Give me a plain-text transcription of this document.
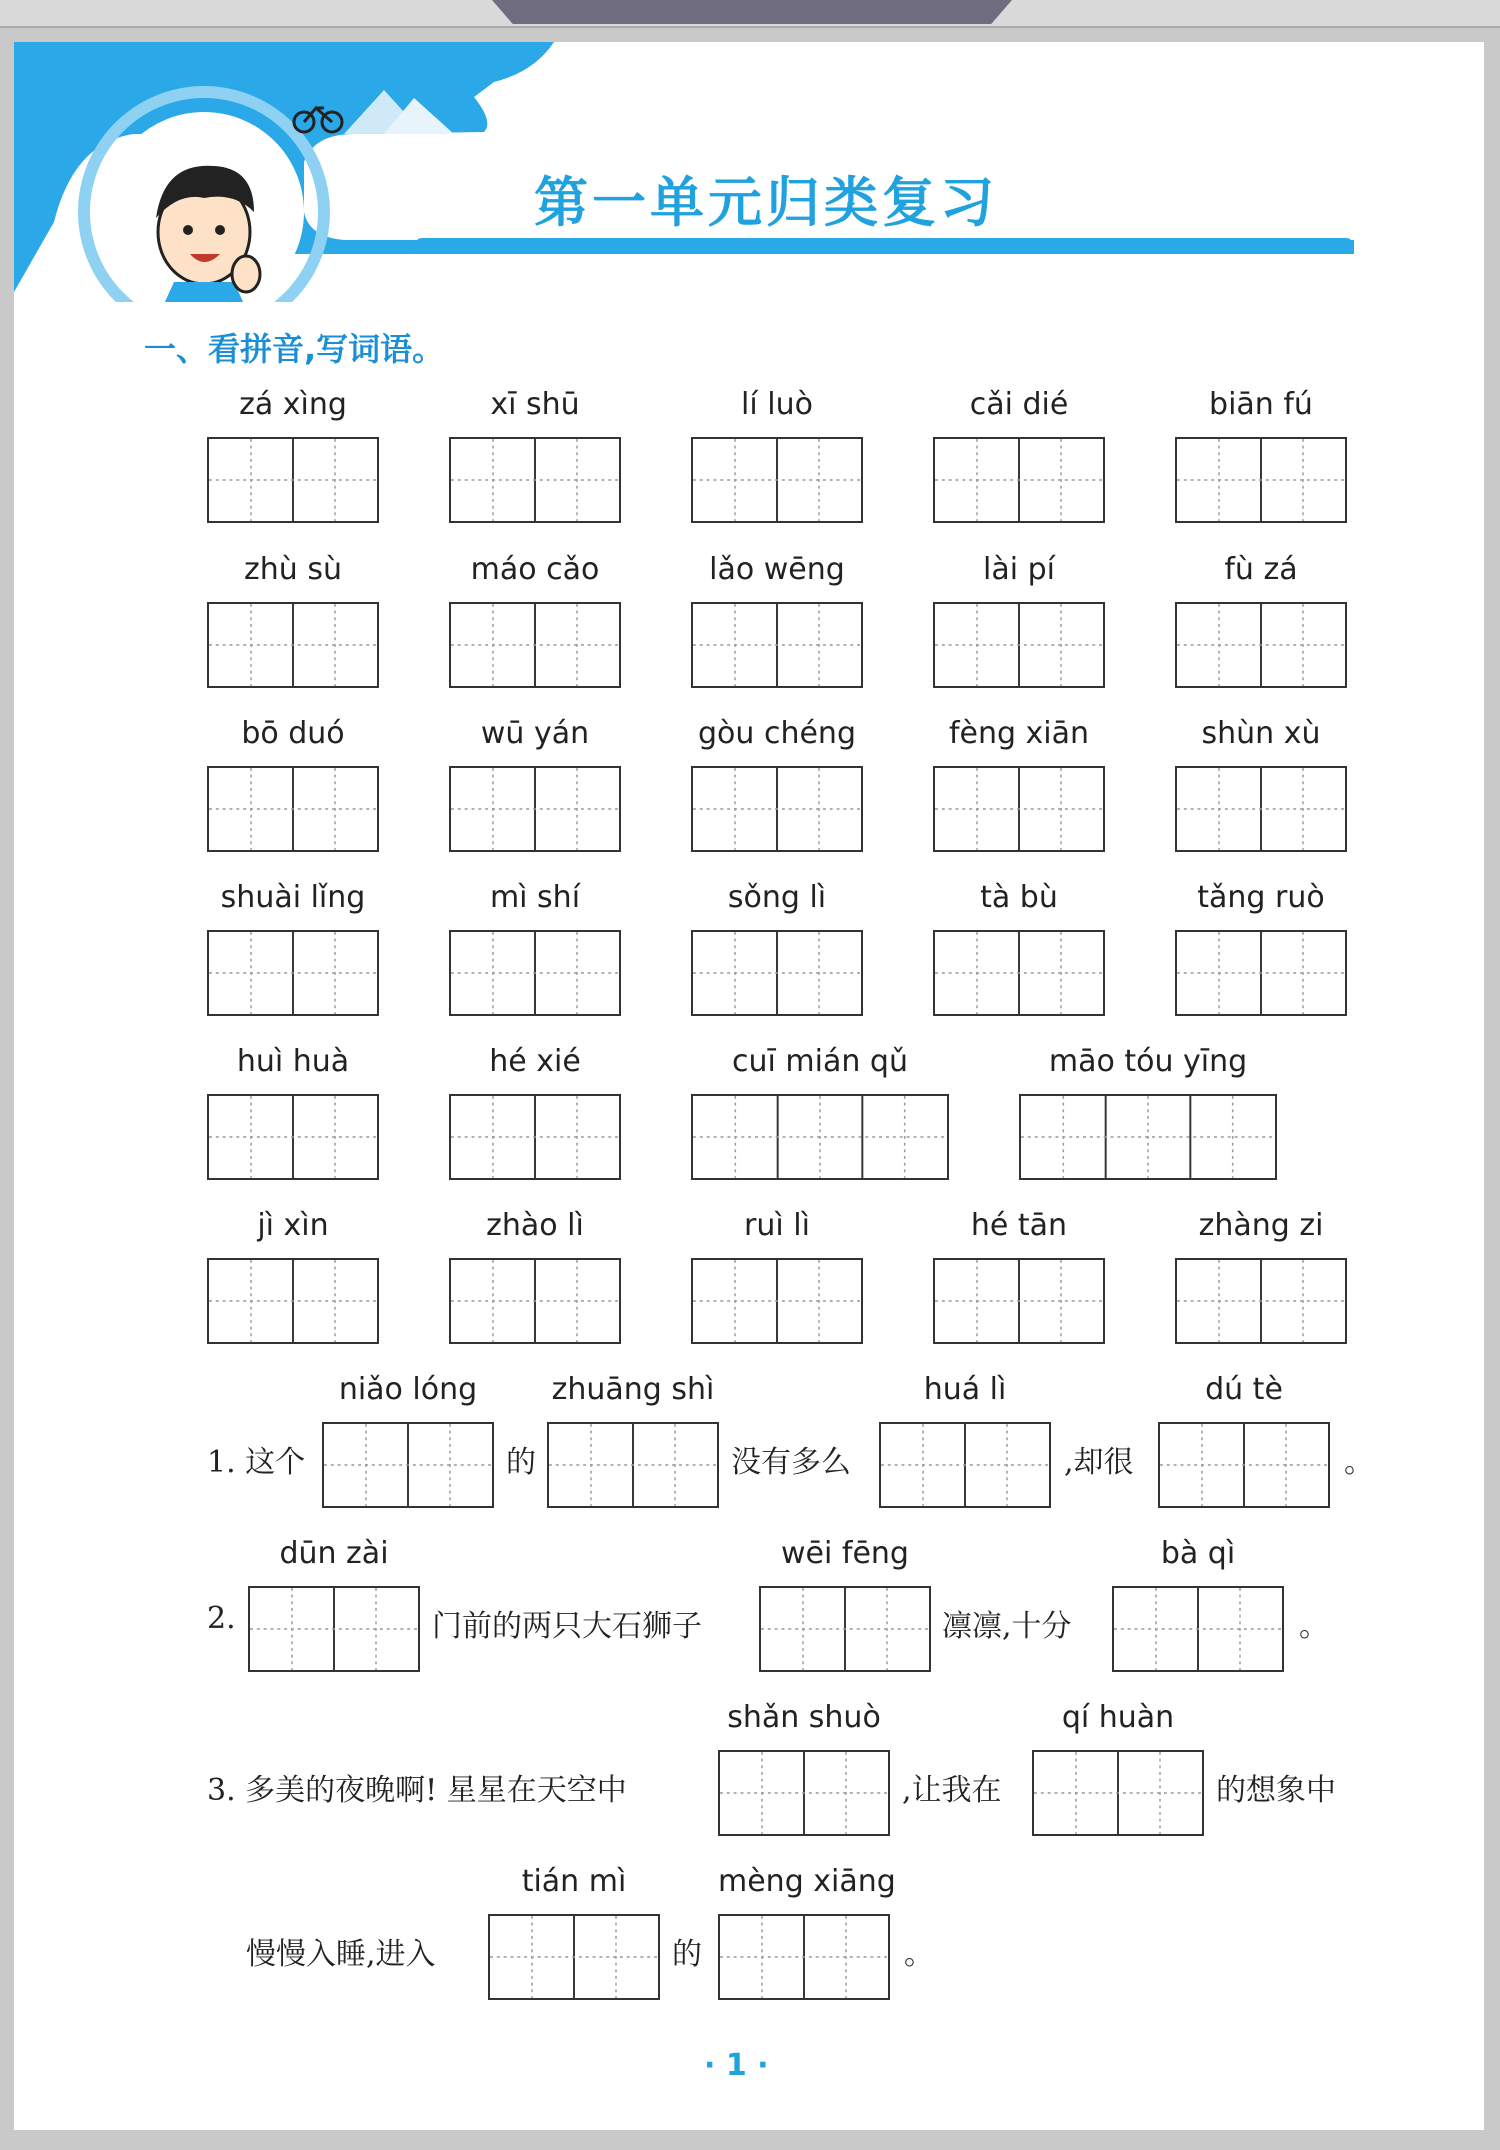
第一单元归类复习
一、看拼音,写词语。
zá xìng	xī shū	lí luò	cǎi dié	biān fú
zhù sù	máo cǎo	lǎo wēng	lài pí	fù zá
bō duó	wū yán	gòu chéng	fèng xiān	shùn xù
shuài lǐng	mì shí	sǒng lì	tà bù	tǎng ruò
huì huà	hé xié	cuī mián qǔ	māo tóu yīng
jì xìn	zhào lì	ruì lì	hé tān	zhàng zi
1. 这个
niǎo lóng
的
zhuāng shì
没有多么
huá lì
,却很
dú tè
。
2.
dūn zài
门前的两只大石狮子
wēi fēng
凛凛,十分
bà qì
。
3. 多美的夜晚啊! 星星在天空中
shǎn shuò
,让我在
qí huàn
的想象中
慢慢入睡,进入
tián mì
的
mèng xiāng
。
· 1 ·
